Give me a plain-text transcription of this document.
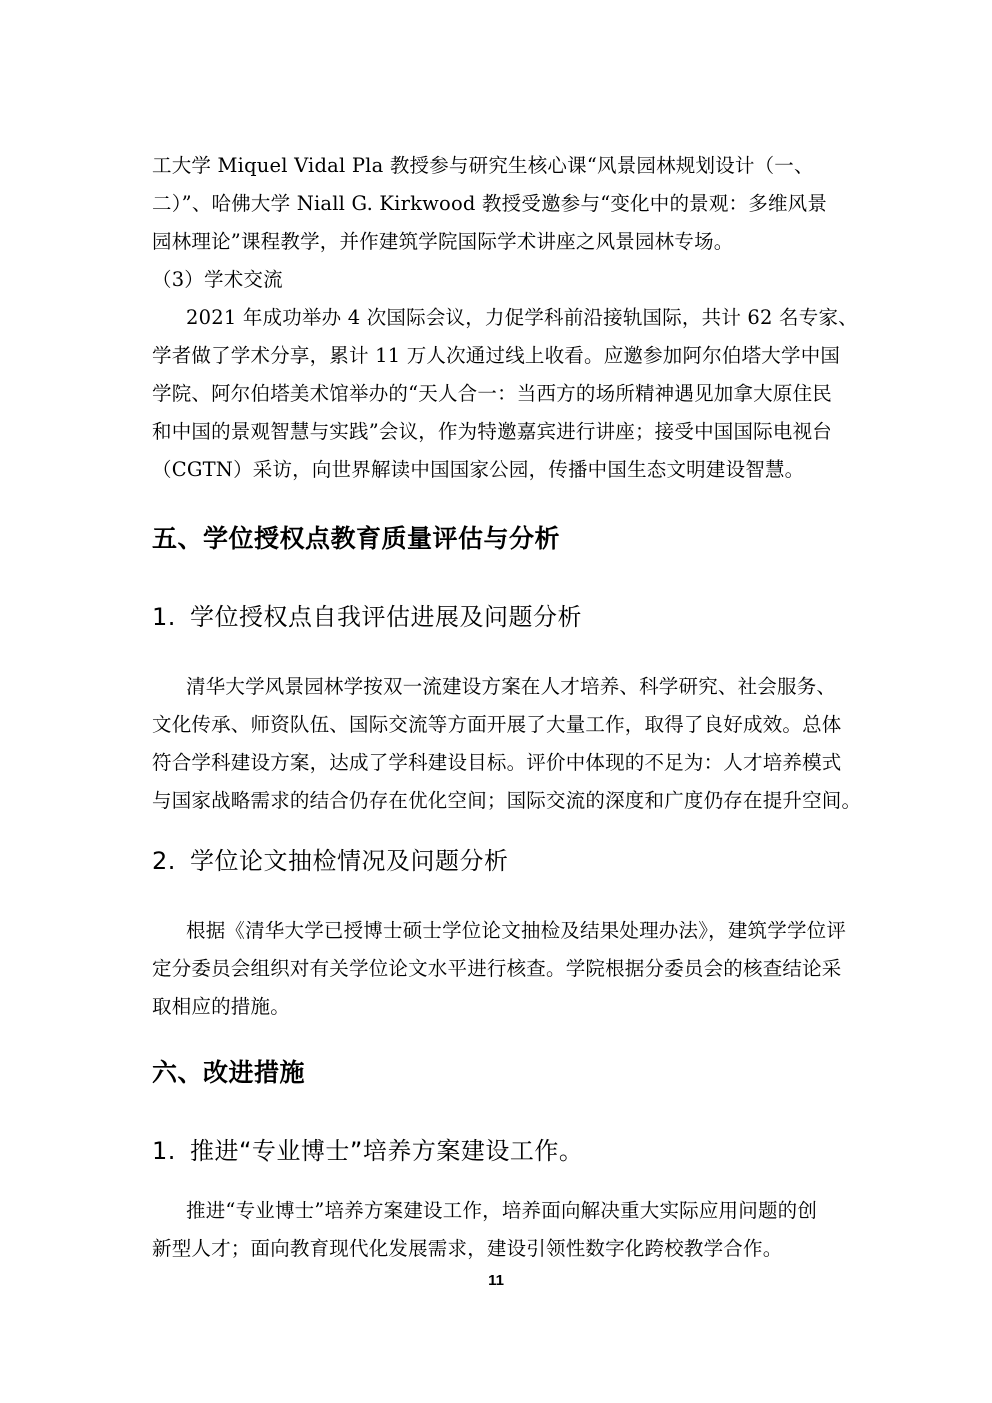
工大学 Miquel Vidal Pla 教授参与研究生核心课“风景园林规划设计（一、
二）”、哈佛大学 Niall G. Kirkwood 教授受邀参与“变化中的景观：多维风景
园林理论”课程教学，并作建筑学院国际学术讲座之风景园林专场。
（3）学术交流
2021 年成功举办 4 次国际会议，力促学科前沿接轨国际，共计 62 名专家、
学者做了学术分享，累计 11 万人次通过线上收看。应邀参加阿尔伯塔大学中国
学院、阿尔伯塔美术馆举办的“天人合一：当西方的场所精神遇见加拿大原住民
和中国的景观智慧与实践”会议，作为特邀嘉宾进行讲座；接受中国国际电视台
（CGTN）采访，向世界解读中国国家公园，传播中国生态文明建设智慧。
五、学位授权点教育质量评估与分析
1. 学位授权点自我评估进展及问题分析
清华大学风景园林学按双一流建设方案在人才培养、科学研究、社会服务、
文化传承、师资队伍、国际交流等方面开展了大量工作，取得了良好成效。总体
符合学科建设方案，达成了学科建设目标。评价中体现的不足为：人才培养模式
与国家战略需求的结合仍存在优化空间；国际交流的深度和广度仍存在提升空间。
2. 学位论文抽检情况及问题分析
根据《清华大学已授博士硕士学位论文抽检及结果处理办法》，建筑学学位评
定分委员会组织对有关学位论文水平进行核查。学院根据分委员会的核查结论采
取相应的措施。
六、改进措施
1. 推进“专业博士”培养方案建设工作。
推进“专业博士”培养方案建设工作，培养面向解决重大实际应用问题的创
新型人才；面向教育现代化发展需求，建设引领性数字化跨校教学合作。
11
